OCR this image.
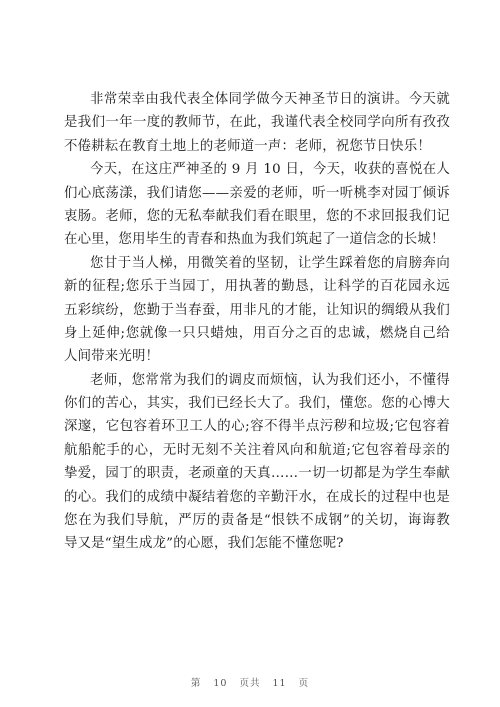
非常荣幸由我代表全体同学做今天神圣节日的演讲。今天就
是我们一年一度的教师节，在此，我谨代表全校同学向所有孜孜
不倦耕耘在教育土地上的老师道一声：老师，祝您节日快乐！
今天，在这庄严神圣的 9 月 10 日，今天，收获的喜悦在人
们心底荡漾，我们请您——亲爱的老师，听一听桃李对园丁倾诉
衷肠。老师，您的无私奉献我们看在眼里，您的不求回报我们记
在心里，您用毕生的青春和热血为我们筑起了一道信念的长城！
您甘于当人梯，用微笑着的坚韧，让学生踩着您的肩膀奔向
新的征程;您乐于当园丁，用执著的勤恳，让科学的百花园永远
五彩缤纷，您勤于当春蚕，用非凡的才能，让知识的绸缎从我们
身上延伸;您就像一只只蜡烛，用百分之百的忠诚，燃烧自己给
人间带来光明！
老师，您常常为我们的调皮而烦恼，认为我们还小，不懂得
你们的苦心，其实，我们已经长大了。我们，懂您。您的心博大
深邃，它包容着环卫工人的心;容不得半点污秽和垃圾;它包容着
航船舵手的心，无时无刻不关注着风向和航道;它包容着母亲的
挚爱，园丁的职责，老顽童的天真……一切一切都是为学生奉献
的心。我们的成绩中凝结着您的辛勤汗水，在成长的过程中也是
您在为我们导航，严厉的责备是“恨铁不成钢”的关切，诲诲教
导又是“望生成龙”的心愿，我们怎能不懂您呢?
第 10 页共 11 页
